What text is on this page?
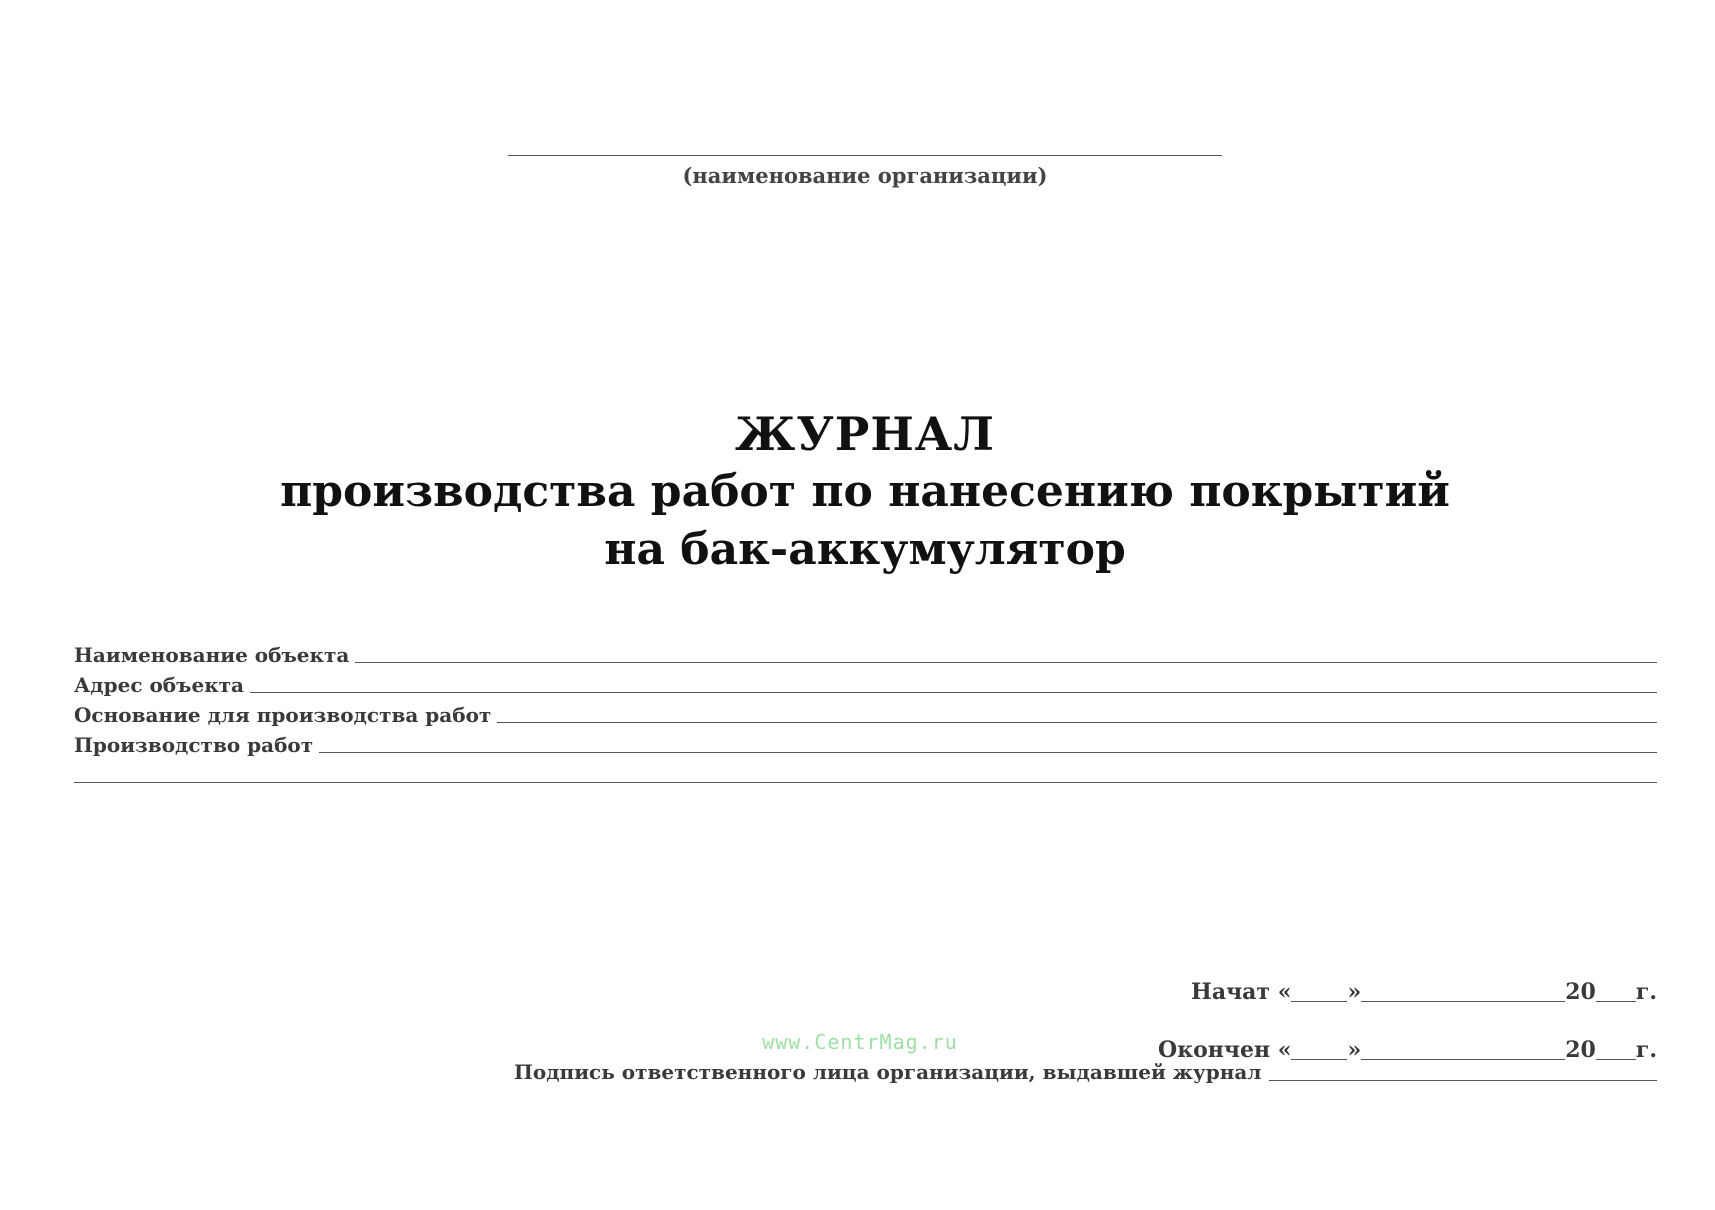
(наименование организации)
ЖУРНАЛ
производства работ по нанесению покрытий
на бак-аккумулятор
Наименование объекта
Адрес объекта
Основание для производства работ
Производство работ
Начат «	»	20 г.
Окончен «	»	20 г.
www.CentrMag.ru
Подпись ответственного лица организации, выдавшей журнал
